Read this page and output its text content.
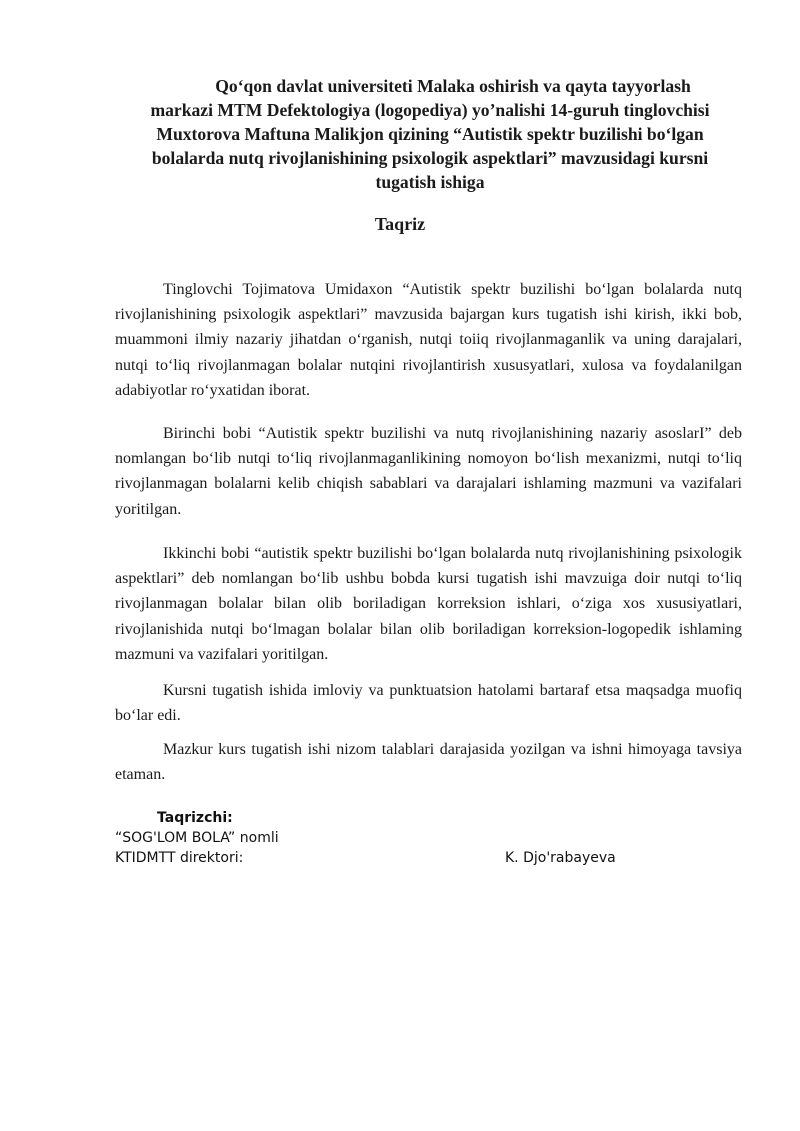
Qo‘qon davlat universiteti Malaka oshirish va qayta tayyorlash
markazi MTM Defektologiya (logopediya) yo’nalishi 14-guruh tinglovchisi
Muxtorova Maftuna Malikjon qizining “Autistik spektr buzilishi bo‘lgan
bolalarda nutq rivojlanishining psixologik aspektlari” mavzusidagi kursni
tugatish ishiga
Taqriz

Tinglovchi Tojimatova Umidaxon “Autistik spektr buzilishi bo‘lgan bolalarda nutq rivojlanishining psixologik aspektlari” mavzusida bajargan kurs tugatish ishi kirish, ikki bob, muammoni ilmiy nazariy jihatdan o‘rganish, nutqi toiiq rivojlanmaganlik va uning darajalari, nutqi to‘liq rivojlanmagan bolalar nutqini rivojlantirish xususyatlari, xulosa va foydalanilgan adabiyotlar ro‘yxatidan iborat.

Birinchi bobi “Autistik spektr buzilishi va nutq rivojlanishining nazariy asoslarI” deb nomlangan bo‘lib nutqi to‘liq rivojlanmaganlikining nomoyon bo‘lish mexanizmi, nutqi to‘liq rivojlanmagan bolalarni kelib chiqish sabablari va darajalari ishlaming mazmuni va vazifalari yoritilgan.

Ikkinchi bobi “autistik spektr buzilishi bo‘lgan bolalarda nutq rivojlanishining psixologik aspektlari” deb nomlangan bo‘lib ushbu bobda kursi tugatish ishi mavzuiga doir nutqi to‘liq rivojlanmagan bolalar bilan olib boriladigan korreksion ishlari, o‘ziga xos xususiyatlari, rivojlanishida nutqi bo‘lmagan bolalar bilan olib boriladigan korreksion-logopedik ishlaming mazmuni va vazifalari yoritilgan.

Kursni tugatish ishida imloviy va punktuatsion hatolami bartaraf etsa maqsadga muofiq bo‘lar edi.

Mazkur kurs tugatish ishi nizom talablari darajasida yozilgan va ishni himoyaga tavsiya etaman.

Taqrizchi:
“SOG'LOM BOLA” nomli
KTIDMTT direktori:	K. Djo'rabayeva
